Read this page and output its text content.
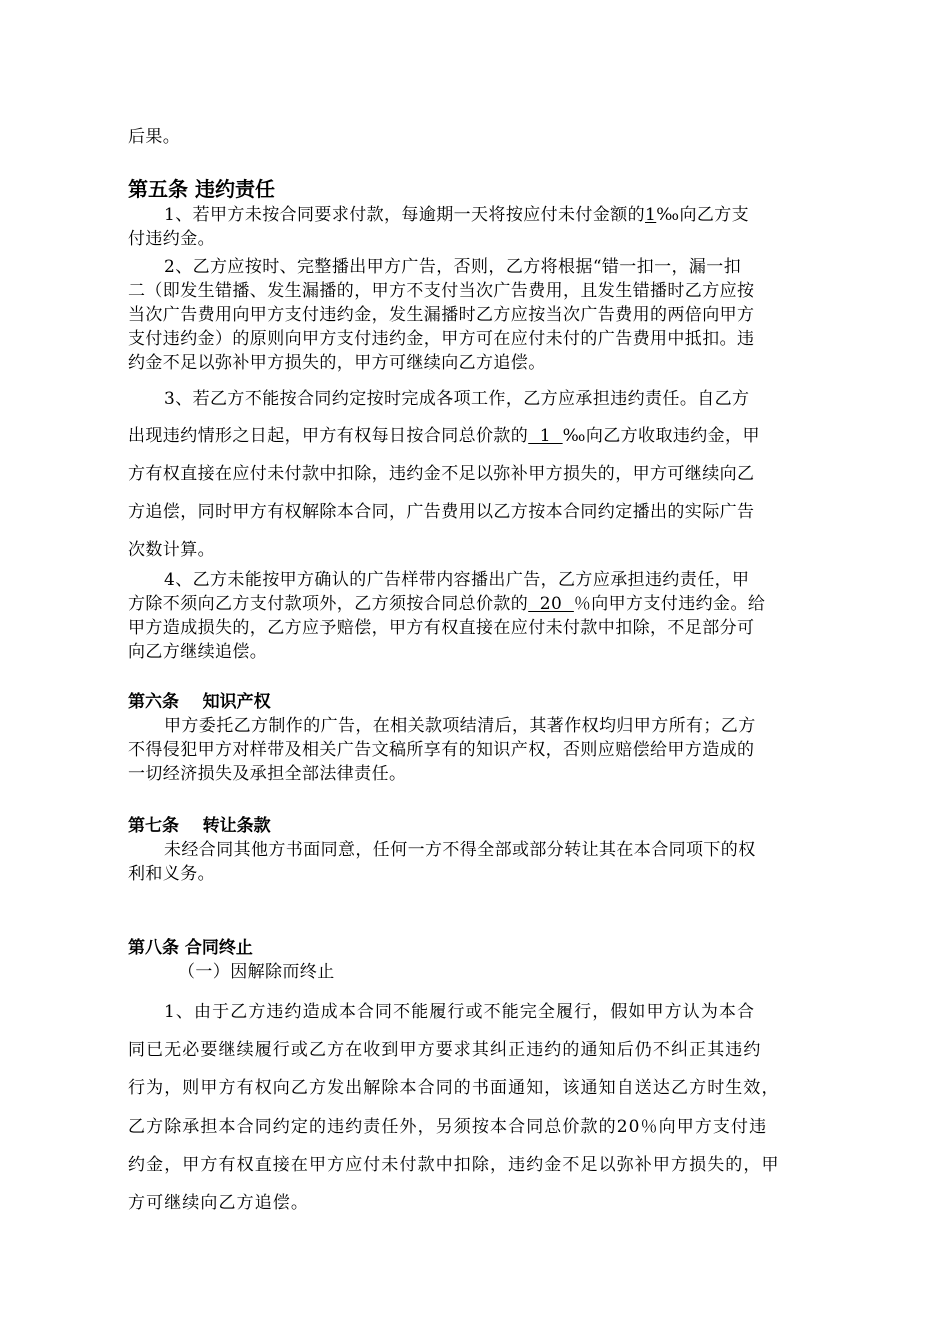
后果。
第五条 违约责任
1、若甲方未按合同要求付款，每逾期一天将按应付未付金额的1‰向乙方支
付违约金。
2、乙方应按时、完整播出甲方广告，否则，乙方将根据“错一扣一，漏一扣
二（即发生错播、发生漏播的，甲方不支付当次广告费用，且发生错播时乙方应按
当次广告费用向甲方支付违约金，发生漏播时乙方应按当次广告费用的两倍向甲方
支付违约金）的原则向甲方支付违约金，甲方可在应付未付的广告费用中抵扣。违
约金不足以弥补甲方损失的，甲方可继续向乙方追偿。
3、若乙方不能按合同约定按时完成各项工作，乙方应承担违约责任。自乙方
出现违约情形之日起，甲方有权每日按合同总价款的  1  ‰向乙方收取违约金，甲
方有权直接在应付未付款中扣除，违约金不足以弥补甲方损失的，甲方可继续向乙
方追偿，同时甲方有权解除本合同，广告费用以乙方按本合同约定播出的实际广告
次数计算。
4、乙方未能按甲方确认的广告样带内容播出广告，乙方应承担违约责任，甲
方除不须向乙方支付款项外，乙方须按合同总价款的  20  ％向甲方支付违约金。给
甲方造成损失的，乙方应予赔偿，甲方有权直接在应付未付款中扣除，不足部分可
向乙方继续追偿。
第六条    知识产权
甲方委托乙方制作的广告，在相关款项结清后，其著作权均归甲方所有；乙方
不得侵犯甲方对样带及相关广告文稿所享有的知识产权，否则应赔偿给甲方造成的
一切经济损失及承担全部法律责任。
第七条    转让条款
未经合同其他方书面同意，任何一方不得全部或部分转让其在本合同项下的权
利和义务。
第八条 合同终止
（一）因解除而终止
1、由于乙方违约造成本合同不能履行或不能完全履行，假如甲方认为本合
同已无必要继续履行或乙方在收到甲方要求其纠正违约的通知后仍不纠正其违约
行为，则甲方有权向乙方发出解除本合同的书面通知，该通知自送达乙方时生效，
乙方除承担本合同约定的违约责任外，另须按本合同总价款的20％向甲方支付违
约金，甲方有权直接在甲方应付未付款中扣除，违约金不足以弥补甲方损失的，甲
方可继续向乙方追偿。
